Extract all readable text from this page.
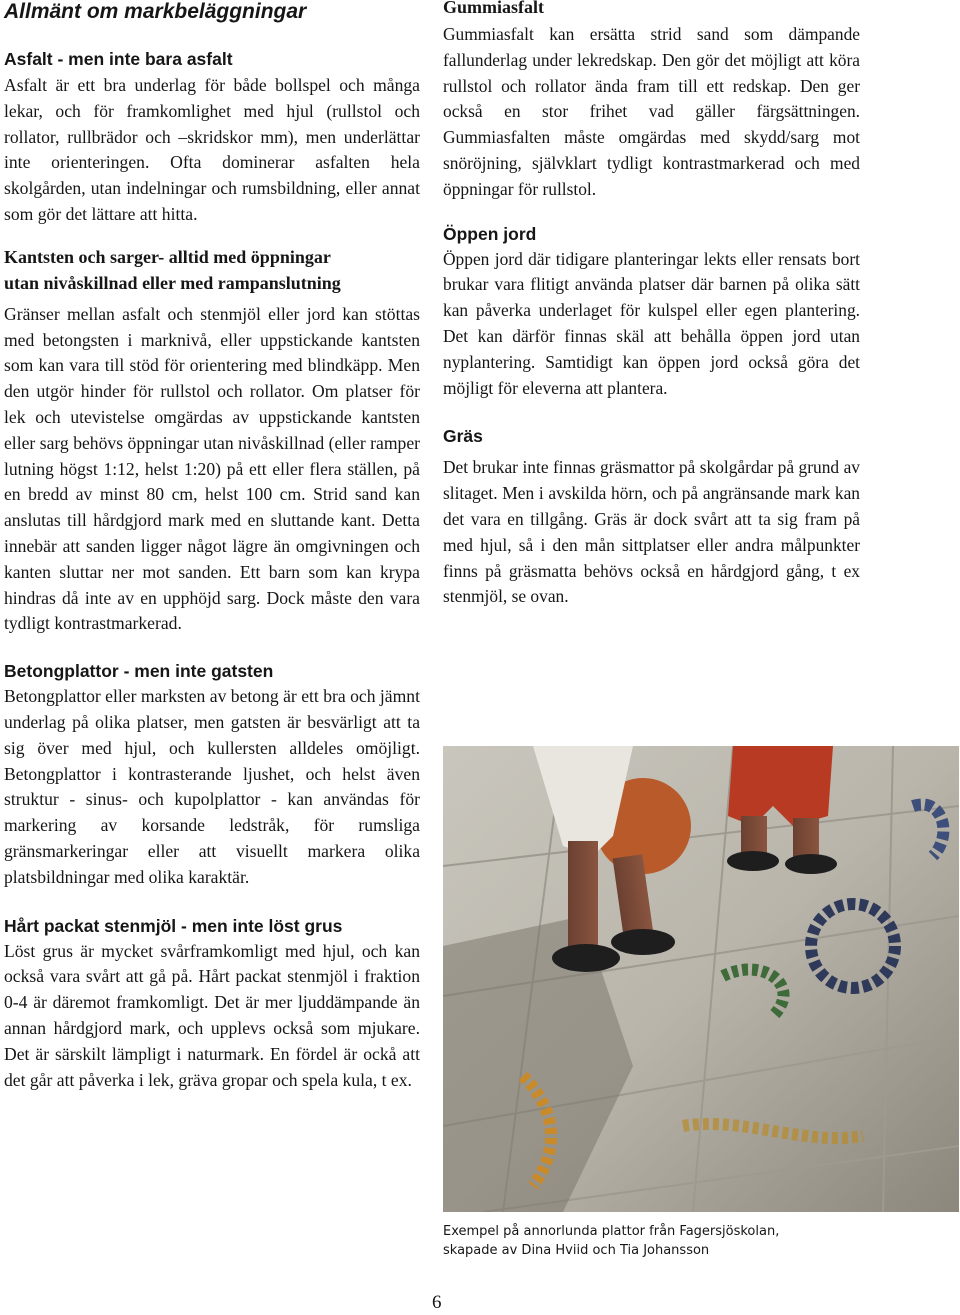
Allmänt om markbeläggningar
Asfalt - men inte bara asfalt

Asfalt är ett bra underlag för både bollspel och många lekar, och för framkomlighet med hjul (rullstol och rollator, rullbrädor och –skridskor mm), men underlättar inte orienteringen. Ofta dominerar asfalten hela skolgården, utan indelningar och rumsbildning, eller annat som gör det lättare att hitta.

Kantsten och sarger- alltid med öppningar
utan nivåskillnad eller med rampanslutning

Gränser mellan asfalt och stenmjöl eller jord kan stöttas med betongsten i marknivå, eller uppstickande kantsten som kan vara till stöd för orientering med blindkäpp. Men den utgör hinder för rullstol och rollator. Om platser för lek och utevistelse omgärdas av uppstickande kantsten eller sarg behövs öppningar utan nivåskillnad (eller ramper lutning högst 1:12, helst 1:20) på ett eller flera ställen, på en bredd av minst 80 cm, helst 100 cm. Strid sand kan anslutas till hårdgjord mark med en sluttande kant. Detta innebär att sanden ligger något lägre än omgivningen och kanten sluttar ner mot sanden. Ett barn som kan krypa hindras då inte av en upphöjd sarg. Dock måste den vara tydligt kontrastmarkerad.

Betongplattor - men inte gatsten

Betongplattor eller marksten av betong är ett bra och jämnt underlag på olika platser, men gatsten är besvärligt att ta sig över med hjul, och kullersten alldeles omöjligt. Betongplattor i kontrasterande ljushet, och helst även struktur - sinus- och kupolplattor - kan användas för markering av korsande ledstråk, för rumsliga gränsmarkeringar eller att visuellt markera olika platsbildningar med olika karaktär.

Hårt packat stenmjöl - men inte löst grus

Löst grus är mycket svårframkomligt med hjul, och kan också vara svårt att gå på. Hårt packat stenmjöl i fraktion 0-4 är däremot framkomligt. Det är mer ljuddämpande än annan hårdgjord mark, och upplevs också som mjukare. Det är särskilt lämpligt i naturmark. En fördel är ockå att det går att påverka i lek, gräva gropar och spela kula, t ex.

Gummiasfalt

Gummiasfalt kan ersätta strid sand som dämpande fallunderlag under lekredskap. Den gör det möjligt att köra rullstol och rollator ända fram till ett redskap. Den ger också en stor frihet vad gäller färgsättningen. Gummiasfalten måste omgärdas med skydd/sarg mot snöröjning, självklart tydligt kontrastmarkerad och med öppningar för rullstol.

Öppen jord

Öppen jord där tidigare planteringar lekts eller rensats bort brukar vara flitigt använda platser där barnen på olika sätt kan påverka underlaget för kulspel eller egen plantering. Det kan därför finnas skäl att behålla öppen jord utan nyplantering. Samtidigt kan öppen jord också göra det möjligt för eleverna att plantera.

Gräs

Det brukar inte finnas gräsmattor på skolgårdar på grund av slitaget. Men i avskilda hörn, och på angränsande mark kan det vara en tillgång. Gräs är dock svårt att ta sig fram på med hjul, så i den mån sittplatser eller andra målpunkter finns på gräsmatta behövs också en hårdgjord gång, t ex stenmjöl, se ovan.

Exempel på annorlunda plattor från Fagersjöskolan,
skapade av Dina Hviid och Tia Johansson
6
